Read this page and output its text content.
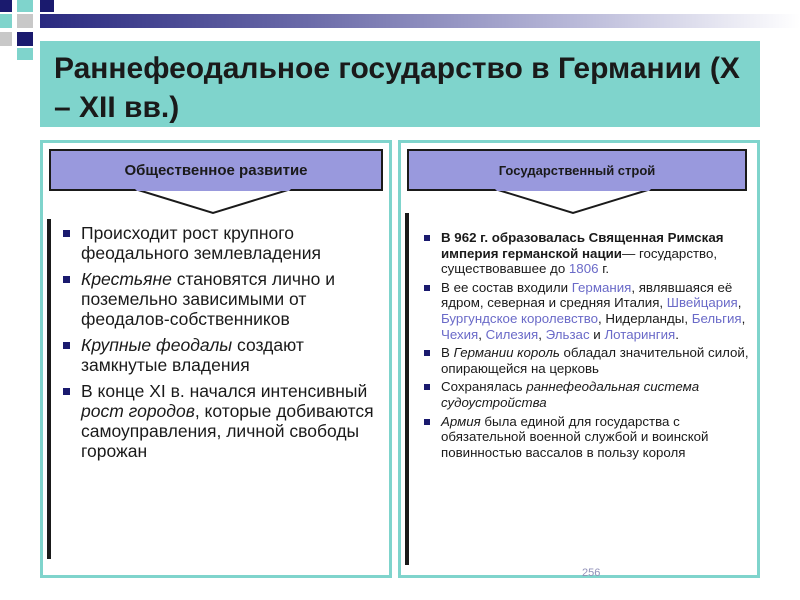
Раннефеодальное государство в Германии (X – XII вв.)
Общественное развитие
Происходит рост крупного феодального землевладения
Крестьяне становятся лично и поземельно зависимыми от феодалов-собственников
Крупные феодалы создают замкнутые владения
В конце XI в. начался интенсивный рост городов, которые добиваются самоуправления, личной свободы горожан
Государственный строй
В 962 г. образовалась Священная Римская империя германской нации— государство, существовавшее до 1806 г.
В ее состав входили Германия, являвшаяся её ядром, северная и средняя Италия, Швейцария, Бургундское королевство, Нидерланды, Бельгия, Чехия, Силезия, Эльзас и Лотарингия.
В Германии король обладал значительной силой, опирающейся на церковь
Сохранялась раннефеодальная система судоустройства
Армия была единой для государства с обязательной военной службой и воинской повинностью вассалов в пользу короля
256
